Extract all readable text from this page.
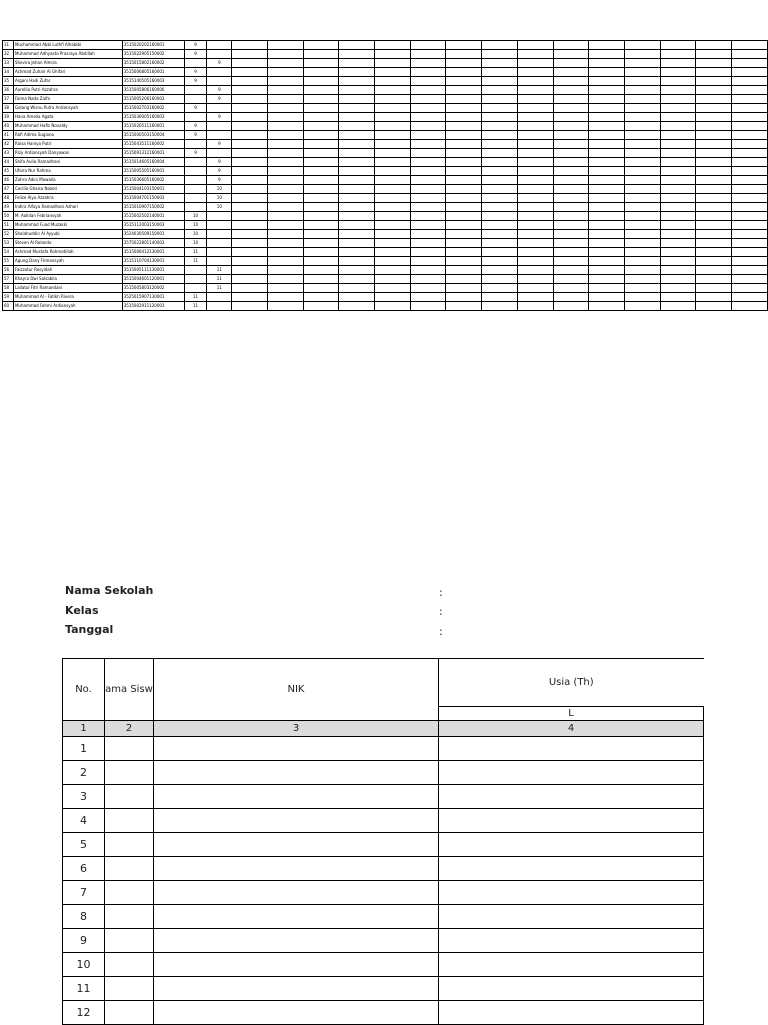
31	Muchammad Abbi Luthfi Alhabibi	3515020202160001	9																
32	Muhammad Adhyasta Prasraya Abdillah	3515022905150002	9																
33	Shevira Jehan Almira	3515015802160002		9															
34	Achmad Zuhair Al Ghifari	3515006805160001	9																
35	Argani Hadi Zufar	3515140505160003	9																
36	Aurellia Putri Azzahra	3515005806160006		9															
37	Faima Nada Zalfa	3515005206160003		9															
38	Galang Wisnu Putra Ardiansyah	3515002703160002	9																
39	Hana Amelia Agata	3515036005160003		9															
40	Muhammad Hafiz Novaldy	3515020511160001	9																
41	Rafi Adima Sugiono	3515000503150004	9																
42	Raisa Haniya Putri	3515043511160002		9															
43	Rizy Ardiansyah Danyawan	3515091312160001	9																
44	Shifa Aulia Ramadhani	3515014605160004		9															
45	Ufaira Nur Rahma	3515005505160001		9															
46	Zahra Adini Mawaila	3515036605160002		9															
47	Cecilia Ghaisa Nazeri	3515004103150001		10															
48	Felize Alya Azzahra	3515004701150003		10															
49	Indira Alfaya Ramadhani Azhari	3515010907150002		10															
50	M. Aalidan Febriansyah	3515002502140001	10																
51	Muhammad Fuad Muzakki	3515112003150003	10																
52	Shalahuddin Al Ayyubi	3524030509150001	10																
53	Steven Al Rolando	3575022801140003	10																
54	Achmad Mustafa Rohmatillah	3515006412130001	11																
55	Agung Dany Firmansyah	3515110704130001	11																
56	Faizzatur Rosyidah	3515005111130001		11															
57	Khayra Dwi Salsabila	3515004601120001		11															
58	Lailatul Fitri Ramandani	3515005803120002		11															
59	Muhammad Al - Fatikh Rivera	3525015907130001	11																
60	Muhammad Fahmi Ardiansyah	3515002911120003	11																
Nama Sekolah	:
Kelas	:
Tanggal	:
No.	ama Sisw	NIK	Usia (Th)
			L
1	2	3	4
1			
2			
3			
4			
5			
6			
7			
8			
9			
10			
11			
12			
